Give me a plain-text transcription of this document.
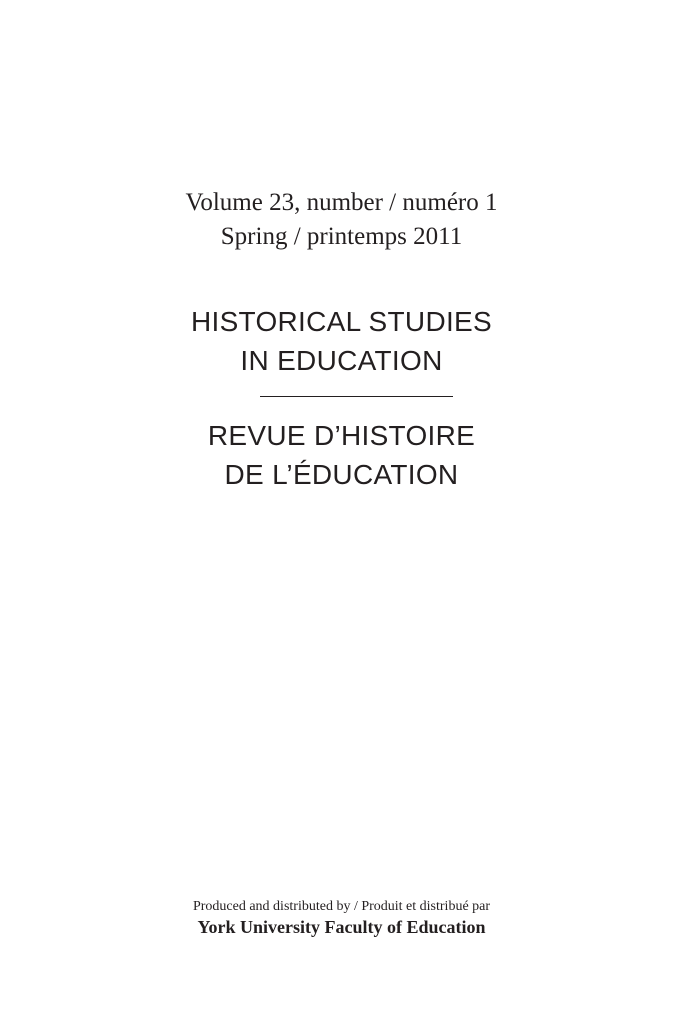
Volume 23, number / numéro 1
Spring / printemps 2011
HISTORICAL STUDIES
IN EDUCATION
REVUE D’HISTOIRE
DE L’ÉDUCATION
Produced and distributed by / Produit et distribué par
York University Faculty of Education
